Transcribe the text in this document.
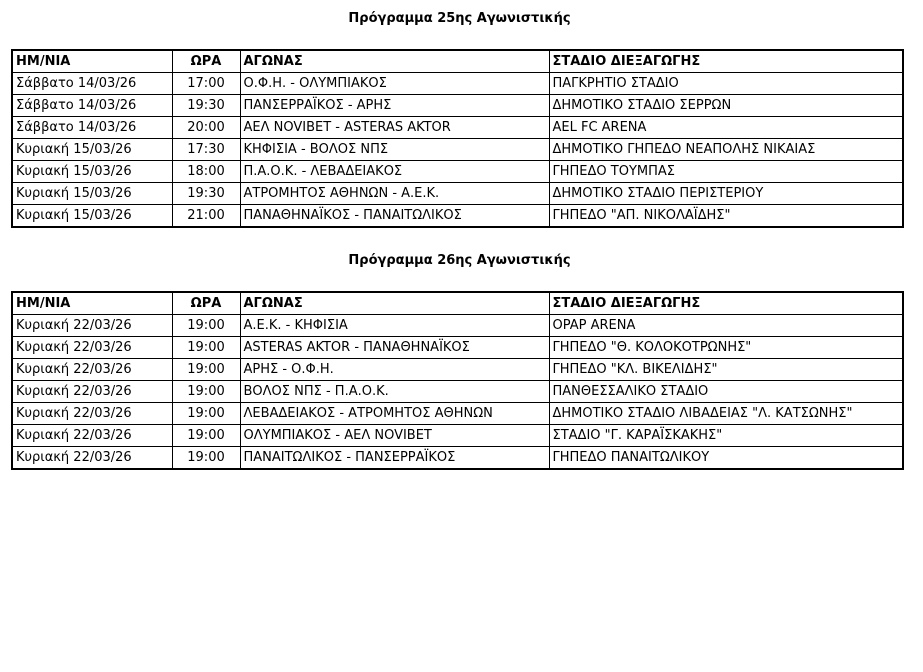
Πρόγραμμα 25ης Αγωνιστικής
ΗΜ/ΝΙΑ	ΩΡΑ	ΑΓΩΝΑΣ	ΣΤΑΔΙΟ ΔΙΕΞΑΓΩΓΗΣ
Σάββατο 14/03/26	17:00	Ο.Φ.Η. - ΟΛΥΜΠΙΑΚΟΣ	ΠΑΓΚΡΗΤΙΟ ΣΤΑΔΙΟ
Σάββατο 14/03/26	19:30	ΠΑΝΣΕΡΡΑΪΚΟΣ - ΑΡΗΣ	ΔΗΜΟΤΙΚΟ ΣΤΑΔΙΟ ΣΕΡΡΩΝ
Σάββατο 14/03/26	20:00	ΑΕΛ NOVIBET - ASTERAS AKTOR	AEL FC ARENA
Κυριακή 15/03/26	17:30	ΚΗΦΙΣΙΑ - ΒΟΛΟΣ ΝΠΣ	ΔΗΜΟΤΙΚΟ ΓΗΠΕΔΟ ΝΕΑΠΟΛΗΣ ΝΙΚΑΙΑΣ
Κυριακή 15/03/26	18:00	Π.Α.Ο.Κ. - ΛΕΒΑΔΕΙΑΚΟΣ	ΓΗΠΕΔΟ ΤΟΥΜΠΑΣ
Κυριακή 15/03/26	19:30	ΑΤΡΟΜΗΤΟΣ ΑΘΗΝΩΝ - Α.Ε.Κ.	ΔΗΜΟΤΙΚΟ ΣΤΑΔΙΟ ΠΕΡΙΣΤΕΡΙΟΥ
Κυριακή 15/03/26	21:00	ΠΑΝΑΘΗΝΑΪΚΟΣ - ΠΑΝΑΙΤΩΛΙΚΟΣ	ΓΗΠΕΔΟ "ΑΠ. ΝΙΚΟΛΑΪΔΗΣ"
Πρόγραμμα 26ης Αγωνιστικής
ΗΜ/ΝΙΑ	ΩΡΑ	ΑΓΩΝΑΣ	ΣΤΑΔΙΟ ΔΙΕΞΑΓΩΓΗΣ
Κυριακή 22/03/26	19:00	Α.Ε.Κ. - ΚΗΦΙΣΙΑ	OPAP ARENA
Κυριακή 22/03/26	19:00	ASTERAS AKTOR - ΠΑΝΑΘΗΝΑΪΚΟΣ	ΓΗΠΕΔΟ "Θ. ΚΟΛΟΚΟΤΡΩΝΗΣ"
Κυριακή 22/03/26	19:00	ΑΡΗΣ - Ο.Φ.Η.	ΓΗΠΕΔΟ "ΚΛ. ΒΙΚΕΛΙΔΗΣ"
Κυριακή 22/03/26	19:00	ΒΟΛΟΣ ΝΠΣ - Π.Α.Ο.Κ.	ΠΑΝΘΕΣΣΑΛΙΚΟ ΣΤΑΔΙΟ
Κυριακή 22/03/26	19:00	ΛΕΒΑΔΕΙΑΚΟΣ - ΑΤΡΟΜΗΤΟΣ ΑΘΗΝΩΝ	ΔΗΜΟΤΙΚΟ ΣΤΑΔΙΟ ΛΙΒΑΔΕΙΑΣ "Λ. ΚΑΤΣΩΝΗΣ"
Κυριακή 22/03/26	19:00	ΟΛΥΜΠΙΑΚΟΣ - ΑΕΛ NOVIBET	ΣΤΑΔΙΟ "Γ. ΚΑΡΑΪΣΚΑΚΗΣ"
Κυριακή 22/03/26	19:00	ΠΑΝΑΙΤΩΛΙΚΟΣ - ΠΑΝΣΕΡΡΑΪΚΟΣ	ΓΗΠΕΔΟ ΠΑΝΑΙΤΩΛΙΚΟΥ
